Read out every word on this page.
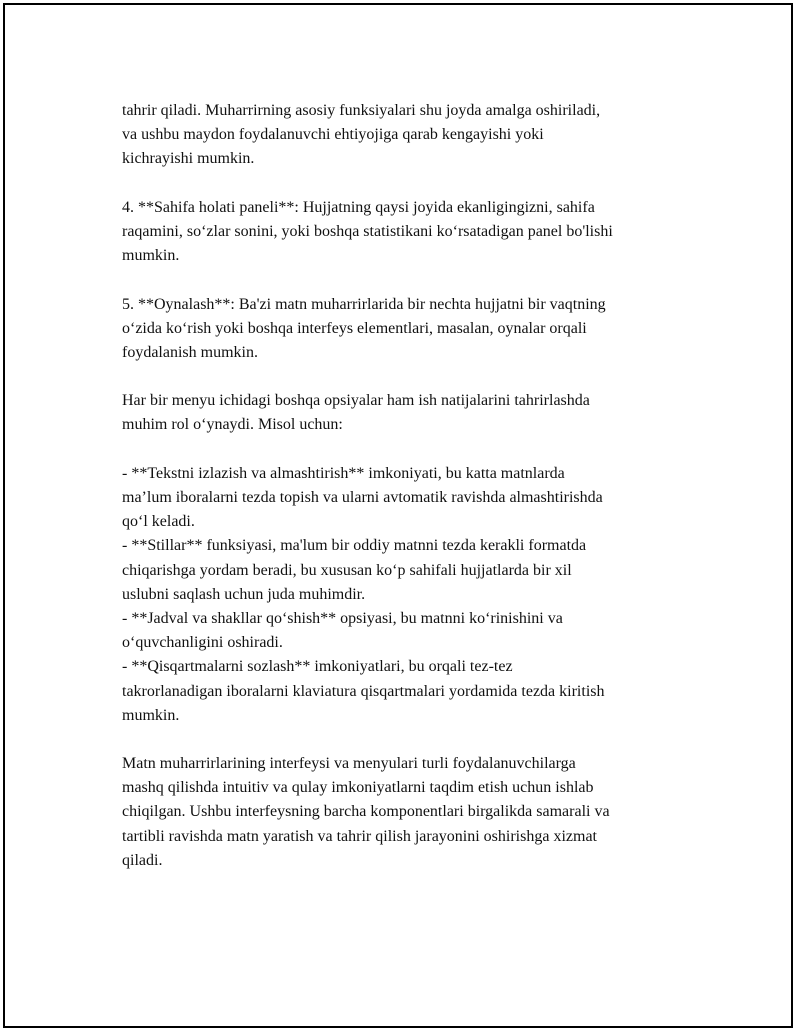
tahrir qiladi. Muharrirning asosiy funksiyalari shu joyda amalga oshiriladi,
va ushbu maydon foydalanuvchi ehtiyojiga qarab kengayishi yoki
kichrayishi mumkin.
4. **Sahifa holati paneli**: Hujjatning qaysi joyida ekanligingizni, sahifa
raqamini, so‘zlar sonini, yoki boshqa statistikani ko‘rsatadigan panel bo'lishi
mumkin.
5. **Oynalash**: Ba'zi matn muharrirlarida bir nechta hujjatni bir vaqtning
o‘zida ko‘rish yoki boshqa interfeys elementlari, masalan, oynalar orqali
foydalanish mumkin.
Har bir menyu ichidagi boshqa opsiyalar ham ish natijalarini tahrirlashda
muhim rol o‘ynaydi. Misol uchun:
- **Tekstni izlazish va almashtirish** imkoniyati, bu katta matnlarda
ma’lum iboralarni tezda topish va ularni avtomatik ravishda almashtirishda
qo‘l keladi.
- **Stillar** funksiyasi, ma'lum bir oddiy matnni tezda kerakli formatda
chiqarishga yordam beradi, bu xususan ko‘p sahifali hujjatlarda bir xil
uslubni saqlash uchun juda muhimdir.
- **Jadval va shakllar qo‘shish** opsiyasi, bu matnni ko‘rinishini va
o‘quvchanligini oshiradi.
- **Qisqartmalarni sozlash** imkoniyatlari, bu orqali tez-tez
takrorlanadigan iboralarni klaviatura qisqartmalari yordamida tezda kiritish
mumkin.
Matn muharrirlarining interfeysi va menyulari turli foydalanuvchilarga
mashq qilishda intuitiv va qulay imkoniyatlarni taqdim etish uchun ishlab
chiqilgan. Ushbu interfeysning barcha komponentlari birgalikda samarali va
tartibli ravishda matn yaratish va tahrir qilish jarayonini oshirishga xizmat
qiladi.
